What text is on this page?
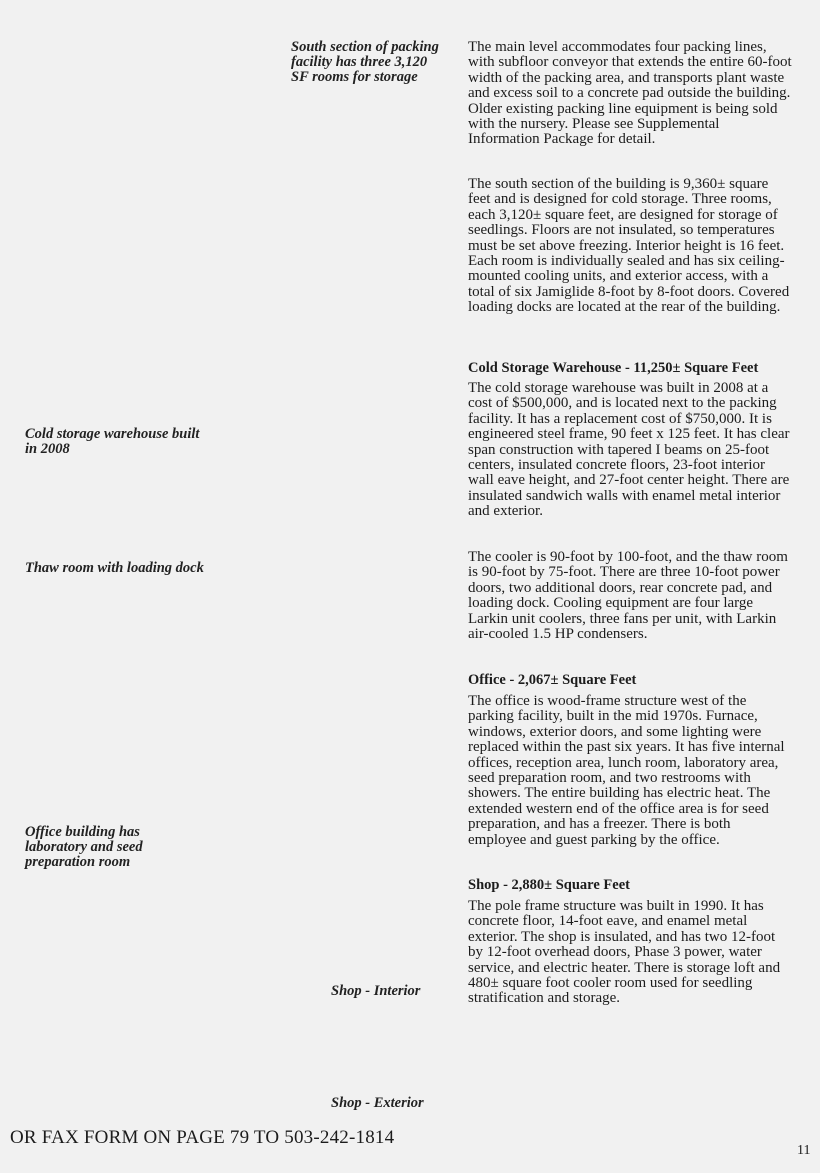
South section of packing facility has three 3,120 SF rooms for storage
Cold storage warehouse built in 2008
Thaw room with loading dock
Office building has laboratory and seed preparation room
Shop - Interior
Shop - Exterior

The main level accommodates four packing lines, with subfloor conveyor that extends the entire 60-foot width of the packing area, and transports plant waste and excess soil to a concrete pad outside the building. Older existing packing line equipment is being sold with the nursery. Please see Supplemental Information Package for detail.

The south section of the building is 9,360± square feet and is designed for cold storage. Three rooms, each 3,120± square feet, are designed for storage of seedlings. Floors are not insulated, so temperatures must be set above freezing. Interior height is 16 feet. Each room is individually sealed and has six ceiling-mounted cooling units, and exterior access, with a total of six Jamiglide 8-foot by 8-foot doors. Covered loading docks are located at the rear of the building.

Cold Storage Warehouse - 11,250± Square Feet

The cold storage warehouse was built in 2008 at a cost of $500,000, and is located next to the packing facility. It has a replacement cost of $750,000. It is engineered steel frame, 90 feet x 125 feet. It has clear span construction with tapered I beams on 25-foot centers, insulated concrete floors, 23-foot interior wall eave height, and 27-foot center height. There are insulated sandwich walls with enamel metal interior and exterior.

The cooler is 90-foot by 100-foot, and the thaw room is 90-foot by 75-foot. There are three 10-foot power doors, two additional doors, rear concrete pad, and loading dock. Cooling equipment are four large Larkin unit coolers, three fans per unit, with Larkin air-cooled 1.5 HP condensers.

Office - 2,067± Square Feet

The office is wood-frame structure west of the parking facility, built in the mid 1970s. Furnace, windows, exterior doors, and some lighting were replaced within the past six years. It has five internal offices, reception area, lunch room, laboratory area, seed preparation room, and two restrooms with showers. The entire building has electric heat. The extended western end of the office area is for seed preparation, and has a freezer. There is both employee and guest parking by the office.

Shop - 2,880± Square Feet

The pole frame structure was built in 1990. It has concrete floor, 14-foot eave, and enamel metal exterior. The shop is insulated, and has two 12-foot by 12-foot overhead doors, Phase 3 power, water service, and electric heater. There is storage loft and 480± square foot cooler room used for seedling stratification and storage.

OR FAX FORM ON PAGE 79 TO 503-242-1814
11
